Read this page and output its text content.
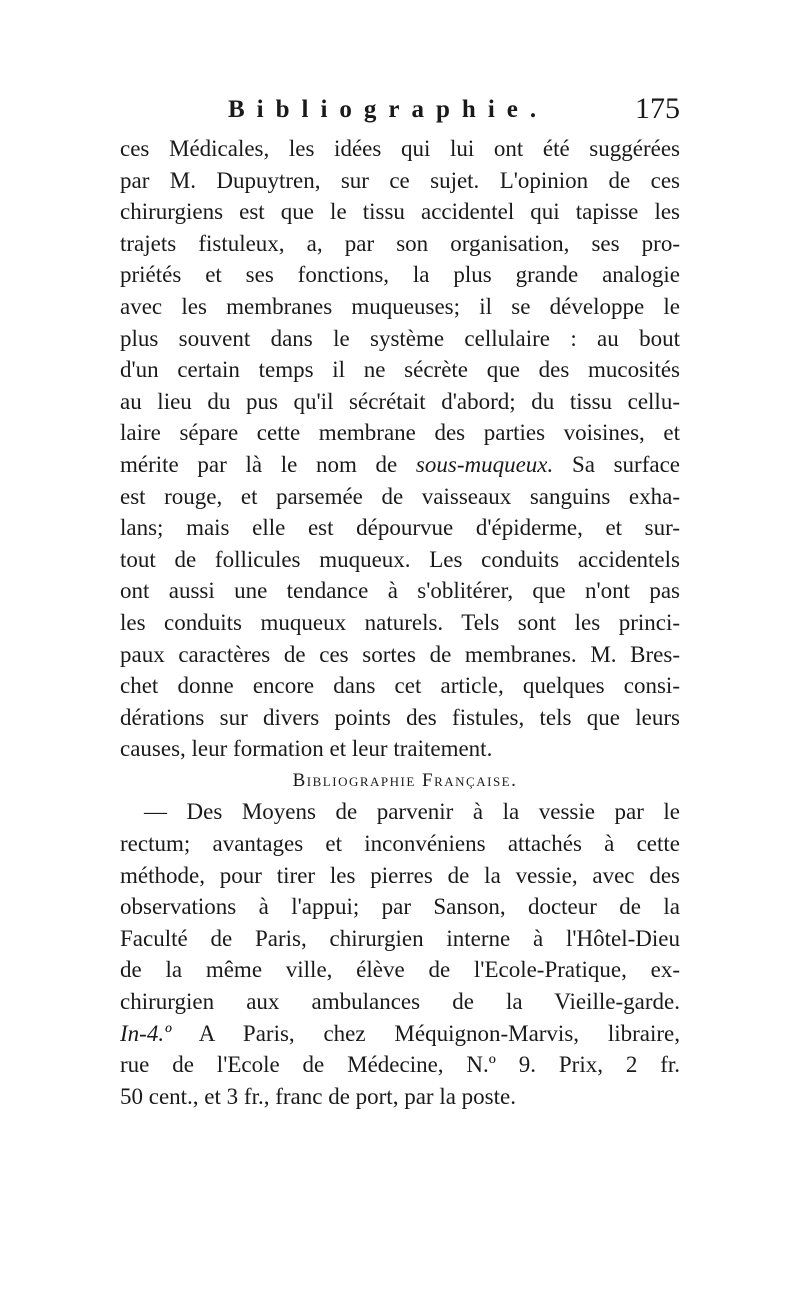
Bibliographie.	175
ces Médicales, les idées qui lui ont été suggérées
par M. Dupuytren, sur ce sujet. L'opinion de ces
chirurgiens est que le tissu accidentel qui tapisse les
trajets fistuleux, a, par son organisation, ses pro-
priétés et ses fonctions, la plus grande analogie
avec les membranes muqueuses; il se développe le
plus souvent dans le système cellulaire : au bout
d'un certain temps il ne sécrète que des mucosités
au lieu du pus qu'il sécrétait d'abord; du tissu cellu-
laire sépare cette membrane des parties voisines, et
mérite par là le nom de sous-muqueux. Sa surface
est rouge, et parsemée de vaisseaux sanguins exha-
lans; mais elle est dépourvue d'épiderme, et sur-
tout de follicules muqueux. Les conduits accidentels
ont aussi une tendance à s'oblitérer, que n'ont pas
les conduits muqueux naturels. Tels sont les princi-
paux caractères de ces sortes de membranes. M. Bres-
chet donne encore dans cet article, quelques consi-
dérations sur divers points des fistules, tels que leurs
causes, leur formation et leur traitement.
Bibliographie Française.
— Des Moyens de parvenir à la vessie par le
rectum; avantages et inconvéniens attachés à cette
méthode, pour tirer les pierres de la vessie, avec des
observations à l'appui; par Sanson, docteur de la
Faculté de Paris, chirurgien interne à l'Hôtel-Dieu
de la même ville, élève de l'Ecole-Pratique, ex-
chirurgien aux ambulances de la Vieille-garde.
In-4.º A Paris, chez Méquignon-Marvis, libraire,
rue de l'Ecole de Médecine, N.º 9. Prix, 2 fr.
50 cent., et 3 fr., franc de port, par la poste.
